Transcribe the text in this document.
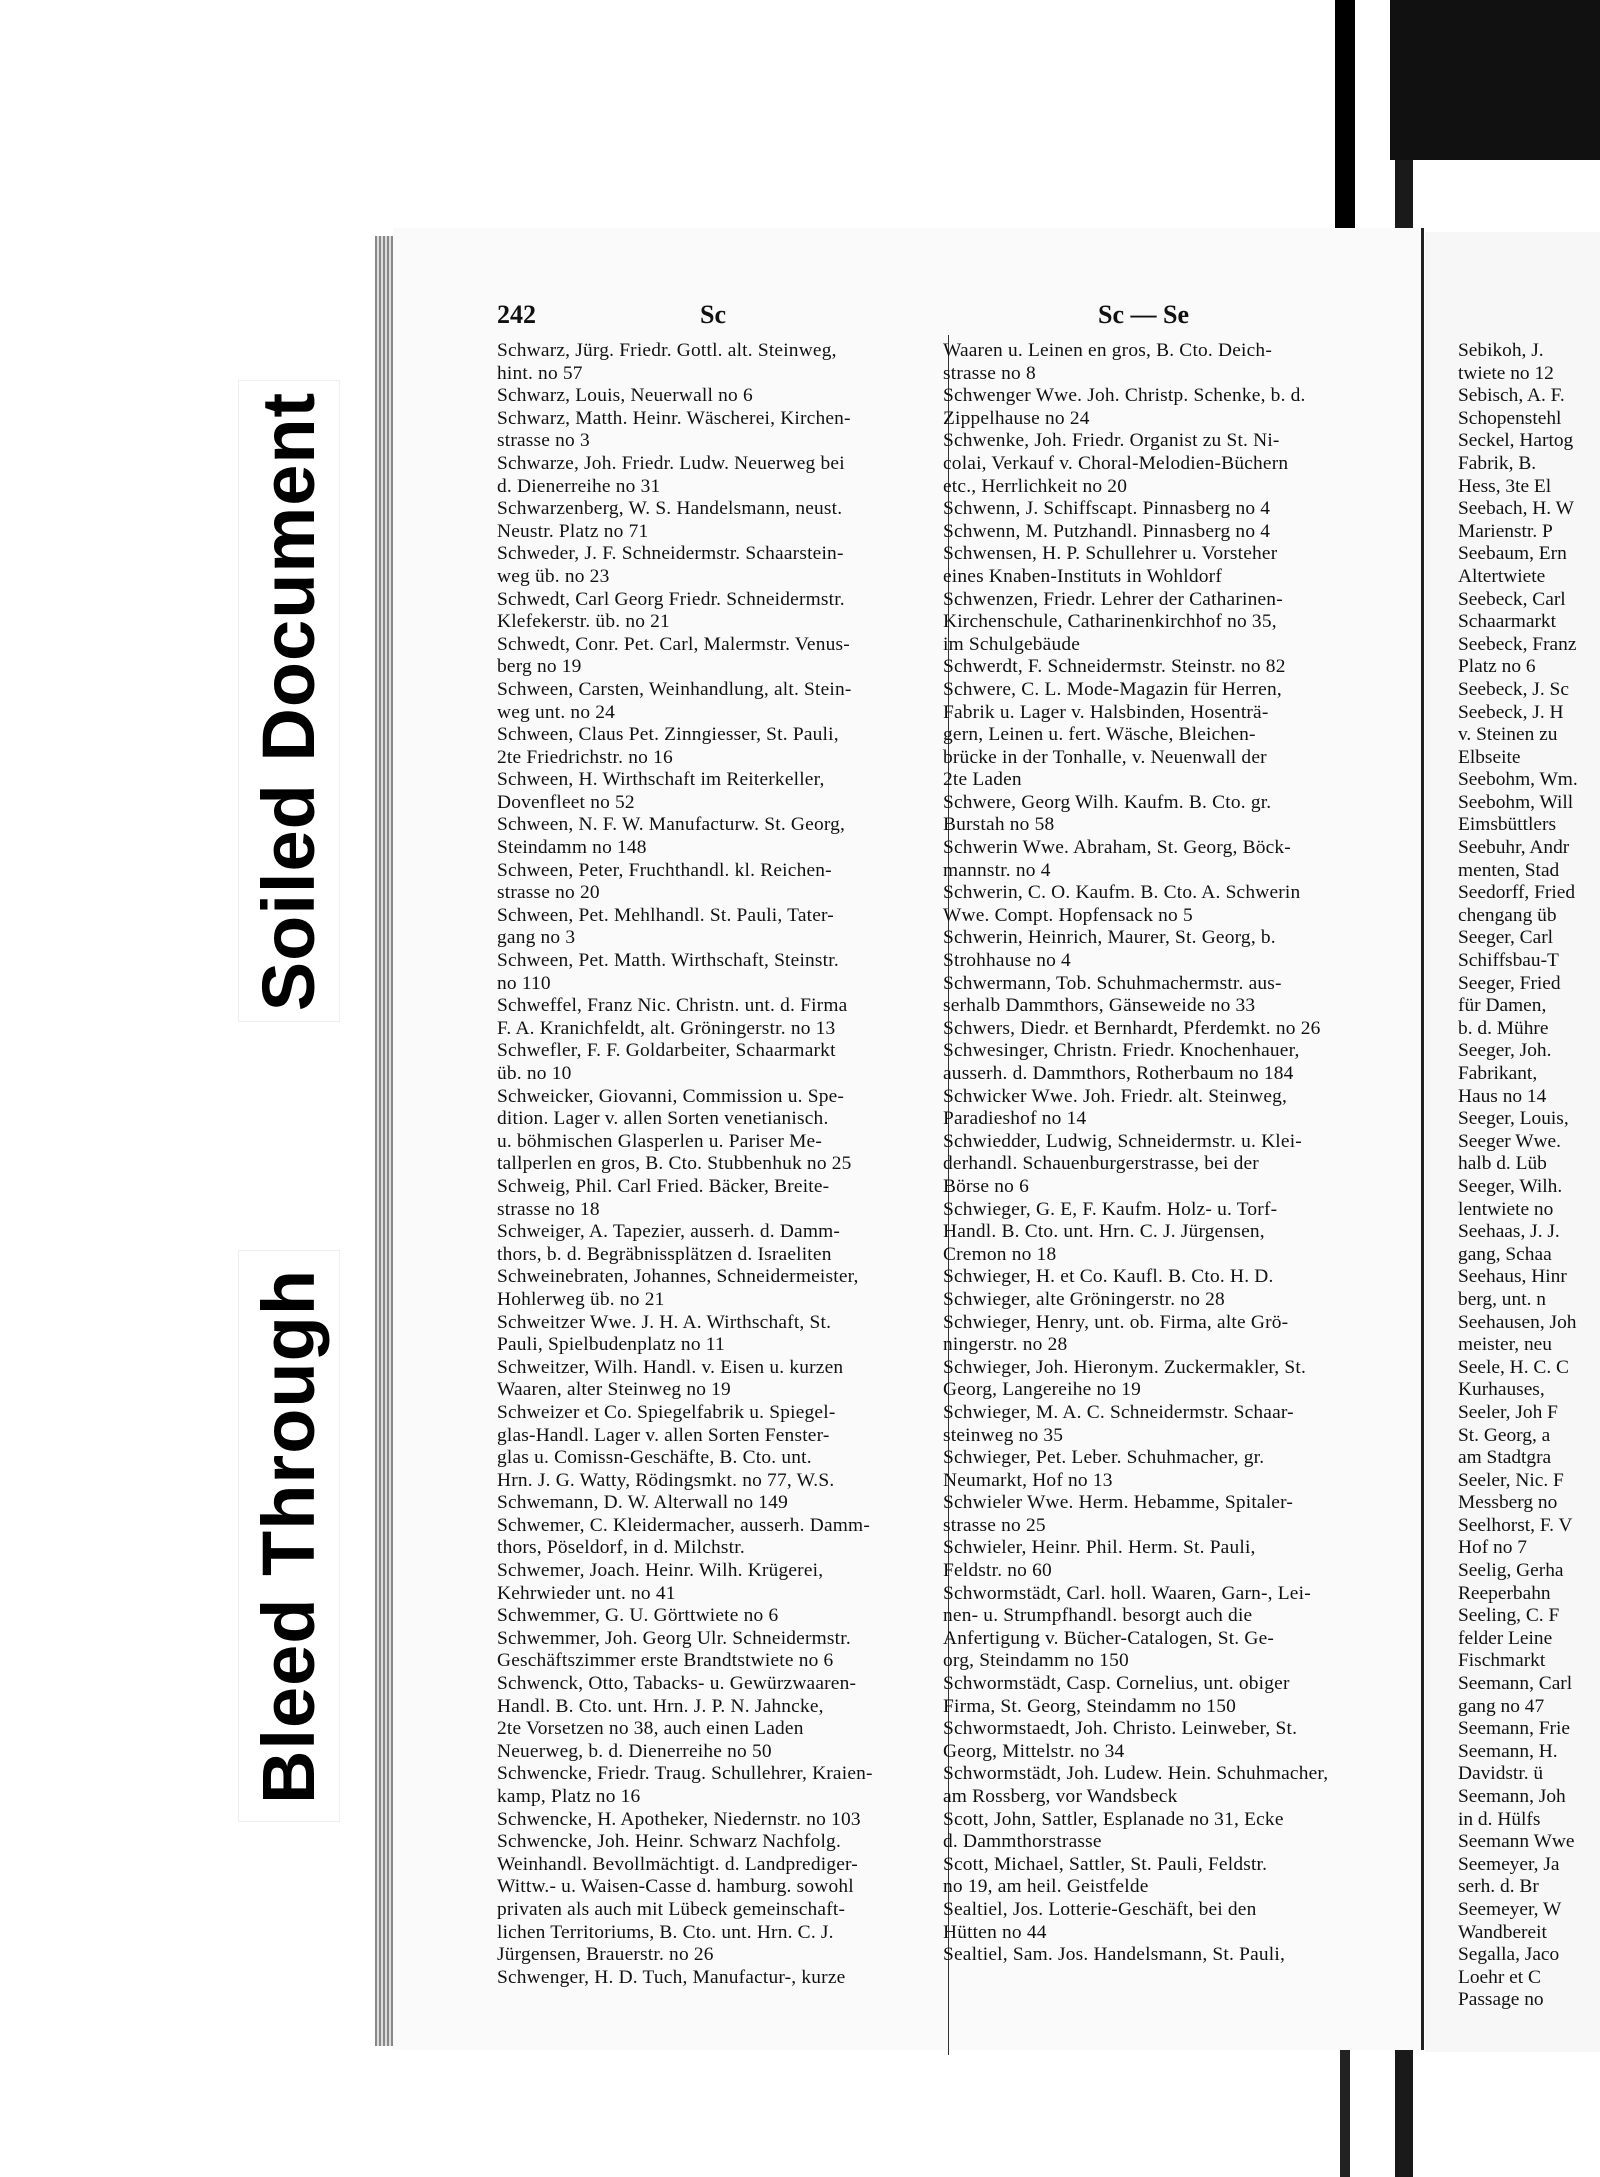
Soiled Document
Bleed Through
242	Sc	Sc — Se

Schwarz, Jürg. Friedr. Gottl. alt. Steinweg,

hint. no 57

Schwarz, Louis, Neuerwall no 6

Schwarz, Matth. Heinr. Wäscherei, Kirchen-

strasse no 3

Schwarze, Joh. Friedr. Ludw. Neuerweg bei

d. Dienerreihe no 31

Schwarzenberg, W. S. Handelsmann, neust.

Neustr. Platz no 71

Schweder, J. F. Schneidermstr. Schaarstein-

weg üb. no 23

Schwedt, Carl Georg Friedr. Schneidermstr.

Klefekerstr. üb. no 21

Schwedt, Conr. Pet. Carl, Malermstr. Venus-

berg no 19

Schween, Carsten, Weinhandlung, alt. Stein-

weg unt. no 24

Schween, Claus Pet. Zinngiesser, St. Pauli,

2te Friedrichstr. no 16

Schween, H. Wirthschaft im Reiterkeller,

Dovenfleet no 52

Schween, N. F. W. Manufacturw. St. Georg,

Steindamm no 148

Schween, Peter, Fruchthandl. kl. Reichen-

strasse no 20

Schween, Pet. Mehlhandl. St. Pauli, Tater-

gang no 3

Schween, Pet. Matth. Wirthschaft, Steinstr.

no 110

Schweffel, Franz Nic. Christn. unt. d. Firma

F. A. Kranichfeldt, alt. Gröningerstr. no 13

Schwefler, F. F. Goldarbeiter, Schaarmarkt

üb. no 10

Schweicker, Giovanni, Commission u. Spe-

dition. Lager v. allen Sorten venetianisch.

u. böhmischen Glasperlen u. Pariser Me-

tallperlen en gros, B. Cto. Stubbenhuk no 25

Schweig, Phil. Carl Fried. Bäcker, Breite-

strasse no 18

Schweiger, A. Tapezier, ausserh. d. Damm-

thors, b. d. Begräbnissplätzen d. Israeliten

Schweinebraten, Johannes, Schneidermeister,

Hohlerweg üb. no 21

Schweitzer Wwe. J. H. A. Wirthschaft, St.

Pauli, Spielbudenplatz no 11

Schweitzer, Wilh. Handl. v. Eisen u. kurzen

Waaren, alter Steinweg no 19

Schweizer et Co. Spiegelfabrik u. Spiegel-

glas-Handl. Lager v. allen Sorten Fenster-

glas u. Comissn-Geschäfte, B. Cto. unt.

Hrn. J. G. Watty, Rödingsmkt. no 77, W.S.

Schwemann, D. W. Alterwall no 149

Schwemer, C. Kleidermacher, ausserh. Damm-

thors, Pöseldorf, in d. Milchstr.

Schwemer, Joach. Heinr. Wilh. Krügerei,

Kehrwieder unt. no 41

Schwemmer, G. U. Görttwiete no 6

Schwemmer, Joh. Georg Ulr. Schneidermstr.

Geschäftszimmer erste Brandtstwiete no 6

Schwenck, Otto, Tabacks- u. Gewürzwaaren-

Handl. B. Cto. unt. Hrn. J. P. N. Jahncke,

2te Vorsetzen no 38, auch einen Laden

Neuerweg, b. d. Dienerreihe no 50

Schwencke, Friedr. Traug. Schullehrer, Kraien-

kamp, Platz no 16

Schwencke, H. Apotheker, Niedernstr. no 103

Schwencke, Joh. Heinr. Schwarz Nachfolg.

Weinhandl. Bevollmächtigt. d. Landprediger-

Wittw.- u. Waisen-Casse d. hamburg. sowohl

privaten als auch mit Lübeck gemeinschaft-

lichen Territoriums, B. Cto. unt. Hrn. C. J.

Jürgensen, Brauerstr. no 26

Schwenger, H. D. Tuch, Manufactur-, kurze

Waaren u. Leinen en gros, B. Cto. Deich-

strasse no 8

Schwenger Wwe. Joh. Christp. Schenke, b. d.

Zippelhause no 24

Schwenke, Joh. Friedr. Organist zu St. Ni-

colai, Verkauf v. Choral-Melodien-Büchern

etc., Herrlichkeit no 20

Schwenn, J. Schiffscapt. Pinnasberg no 4

Schwenn, M. Putzhandl. Pinnasberg no 4

Schwensen, H. P. Schullehrer u. Vorsteher

eines Knaben-Instituts in Wohldorf

Schwenzen, Friedr. Lehrer der Catharinen-

Kirchenschule, Catharinenkirchhof no 35,

im Schulgebäude

Schwerdt, F. Schneidermstr. Steinstr. no 82

Schwere, C. L. Mode-Magazin für Herren,

Fabrik u. Lager v. Halsbinden, Hosenträ-

gern, Leinen u. fert. Wäsche, Bleichen-

brücke in der Tonhalle, v. Neuenwall der

2te Laden

Schwere, Georg Wilh. Kaufm. B. Cto. gr.

Burstah no 58

Schwerin Wwe. Abraham, St. Georg, Böck-

mannstr. no 4

Schwerin, C. O. Kaufm. B. Cto. A. Schwerin

Wwe. Compt. Hopfensack no 5

Schwerin, Heinrich, Maurer, St. Georg, b.

Strohhause no 4

Schwermann, Tob. Schuhmachermstr. aus-

serhalb Dammthors, Gänseweide no 33

Schwers, Diedr. et Bernhardt, Pferdemkt. no 26

Schwesinger, Christn. Friedr. Knochenhauer,

ausserh. d. Dammthors, Rotherbaum no 184

Schwicker Wwe. Joh. Friedr. alt. Steinweg,

Paradieshof no 14

Schwiedder, Ludwig, Schneidermstr. u. Klei-

derhandl. Schauenburgerstrasse, bei der

Börse no 6

Schwieger, G. E, F. Kaufm. Holz- u. Torf-

Handl. B. Cto. unt. Hrn. C. J. Jürgensen,

Cremon no 18

Schwieger, H. et Co. Kaufl. B. Cto. H. D.

Schwieger, alte Gröningerstr. no 28

Schwieger, Henry, unt. ob. Firma, alte Grö-

ningerstr. no 28

Schwieger, Joh. Hieronym. Zuckermakler, St.

Georg, Langereihe no 19

Schwieger, M. A. C. Schneidermstr. Schaar-

steinweg no 35

Schwieger, Pet. Leber. Schuhmacher, gr.

Neumarkt, Hof no 13

Schwieler Wwe. Herm. Hebamme, Spitaler-

strasse no 25

Schwieler, Heinr. Phil. Herm. St. Pauli,

Feldstr. no 60

Schwormstädt, Carl. holl. Waaren, Garn-, Lei-

nen- u. Strumpfhandl. besorgt auch die

Anfertigung v. Bücher-Catalogen, St. Ge-

org, Steindamm no 150

Schwormstädt, Casp. Cornelius, unt. obiger

Firma, St. Georg, Steindamm no 150

Schwormstaedt, Joh. Christo. Leinweber, St.

Georg, Mittelstr. no 34

Schwormstädt, Joh. Ludew. Hein. Schuhmacher,

am Rossberg, vor Wandsbeck

Scott, John, Sattler, Esplanade no 31, Ecke

d. Dammthorstrasse

Scott, Michael, Sattler, St. Pauli, Feldstr.

no 19, am heil. Geistfelde

Sealtiel, Jos. Lotterie-Geschäft, bei den

Hütten no 44

Sealtiel, Sam. Jos. Handelsmann, St. Pauli,

Sebikoh, J.

twiete no 12

Sebisch, A. F.

Schopenstehl

Seckel, Hartog

Fabrik, B.

Hess, 3te El

Seebach, H. W

Marienstr. P

Seebaum, Ern

Altertwiete

Seebeck, Carl

Schaarmarkt

Seebeck, Franz

Platz no 6

Seebeck, J. Sc

Seebeck, J. H

v. Steinen zu

Elbseite

Seebohm, Wm.

Seebohm, Will

Eimsbüttlers

Seebuhr, Andr

menten, Stad

Seedorff, Fried

chengang üb

Seeger, Carl

Schiffsbau-T

Seeger, Fried

für Damen,

b. d. Mühre

Seeger, Joh.

Fabrikant,

Haus no 14

Seeger, Louis,

Seeger Wwe.

halb d. Lüb

Seeger, Wilh.

lentwiete no

Seehaas, J. J.

gang, Schaa

Seehaus, Hinr

berg, unt. n

Seehausen, Joh

meister, neu

Seele, H. C. C

Kurhauses,

Seeler, Joh F

St. Georg, a

am Stadtgra

Seeler, Nic. F

Messberg no

Seelhorst, F. V

Hof no 7

Seelig, Gerha

Reeperbahn

Seeling, C. F

felder Leine

Fischmarkt

Seemann, Carl

gang no 47

Seemann, Frie

Seemann, H.

Davidstr. ü

Seemann, Joh

in d. Hülfs

Seemann Wwe

Seemeyer, Ja

serh. d. Br

Seemeyer, W

Wandbereit

Segalla, Jaco

Loehr et C

Passage no
